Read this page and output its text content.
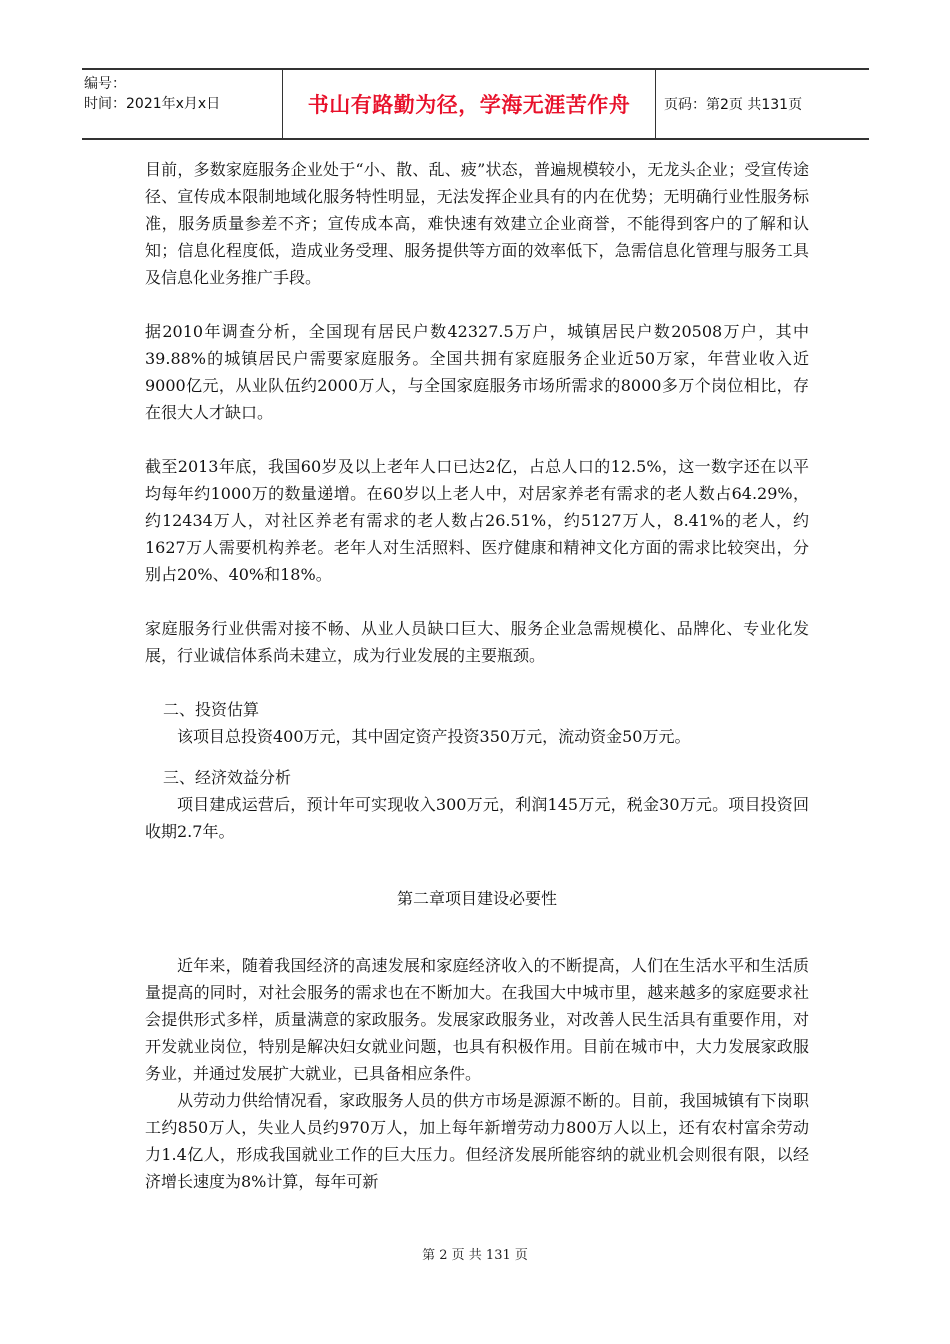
编号：
时间：2021年x月x日	书山有路勤为径，学海无涯苦作舟	页码：第2页 共131页

目前，多数家庭服务企业处于“小、散、乱、疲”状态，普遍规模较小，无龙头企业；受宣传途径、宣传成本限制地域化服务特性明显，无法发挥企业具有的内在优势；无明确行业性服务标准，服务质量参差不齐；宣传成本高，难快速有效建立企业商誉，不能得到客户的了解和认知；信息化程度低，造成业务受理、服务提供等方面的效率低下，急需信息化管理与服务工具及信息化业务推广手段。

据2010年调查分析，全国现有居民户数42327.5万户，城镇居民户数20508万户，其中39.88%的城镇居民户需要家庭服务。全国共拥有家庭服务企业近50万家，年营业收入近9000亿元，从业队伍约2000万人，与全国家庭服务市场所需求的8000多万个岗位相比，存在很大人才缺口。

截至2013年底，我国60岁及以上老年人口已达2亿，占总人口的12.5%，这一数字还在以平均每年约1000万的数量递增。在60岁以上老人中，对居家养老有需求的老人数占64.29%，约12434万人，对社区养老有需求的老人数占26.51%，约5127万人，8.41%的老人，约1627万人需要机构养老。老年人对生活照料、医疗健康和精神文化方面的需求比较突出，分别占20%、40%和18%。

家庭服务行业供需对接不畅、从业人员缺口巨大、服务企业急需规模化、品牌化、专业化发展，行业诚信体系尚未建立，成为行业发展的主要瓶颈。

二、投资估算

该项目总投资400万元，其中固定资产投资350万元，流动资金50万元。

三、经济效益分析

项目建成运营后，预计年可实现收入300万元，利润145万元，税金30万元。项目投资回收期2.7年。

第二章项目建设必要性

近年来，随着我国经济的高速发展和家庭经济收入的不断提高，人们在生活水平和生活质量提高的同时，对社会服务的需求也在不断加大。在我国大中城市里，越来越多的家庭要求社会提供形式多样，质量满意的家政服务。发展家政服务业，对改善人民生活具有重要作用，对开发就业岗位，特别是解决妇女就业问题，也具有积极作用。目前在城市中，大力发展家政服务业，并通过发展扩大就业，已具备相应条件。

从劳动力供给情况看，家政服务人员的供方市场是源源不断的。目前，我国城镇有下岗职工约850万人，失业人员约970万人，加上每年新增劳动力800万人以上，还有农村富余劳动力1.4亿人，形成我国就业工作的巨大压力。但经济发展所能容纳的就业机会则很有限，以经济增长速度为8%计算，每年可新

第 2 页 共 131 页
